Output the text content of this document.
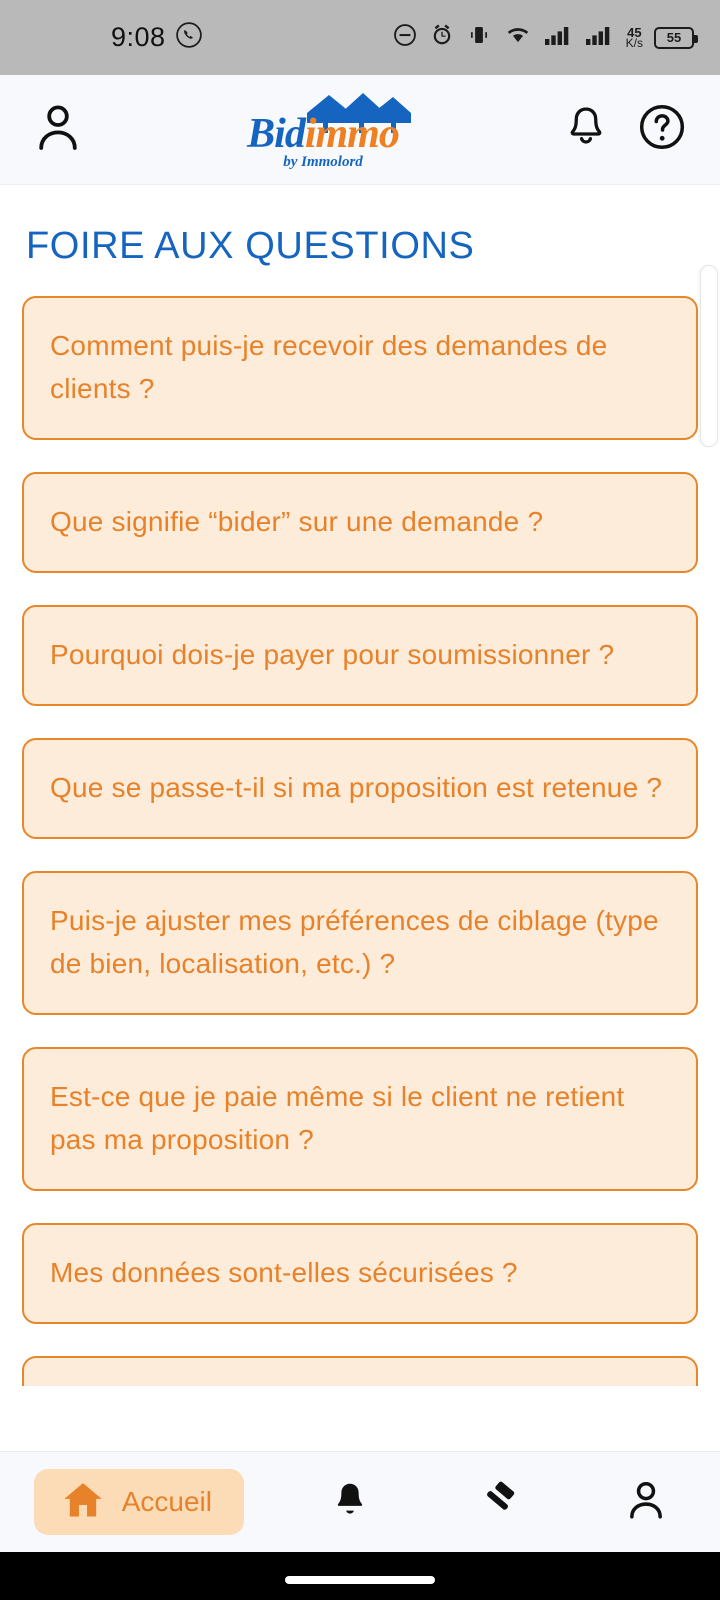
9:08	45
K/s 55
Bidimmo
by Immolord
FOIRE AUX QUESTIONS
Comment puis-je recevoir des demandes de clients ?
Que signifie “bider” sur une demande ?
Pourquoi dois-je payer pour soumissionner ?
Que se passe-t-il si ma proposition est retenue ?
Puis-je ajuster mes préférences de ciblage (type de bien, localisation, etc.) ?
Est-ce que je paie même si le client ne retient pas ma proposition ?
Mes données sont-elles sécurisées ?
Accueil
